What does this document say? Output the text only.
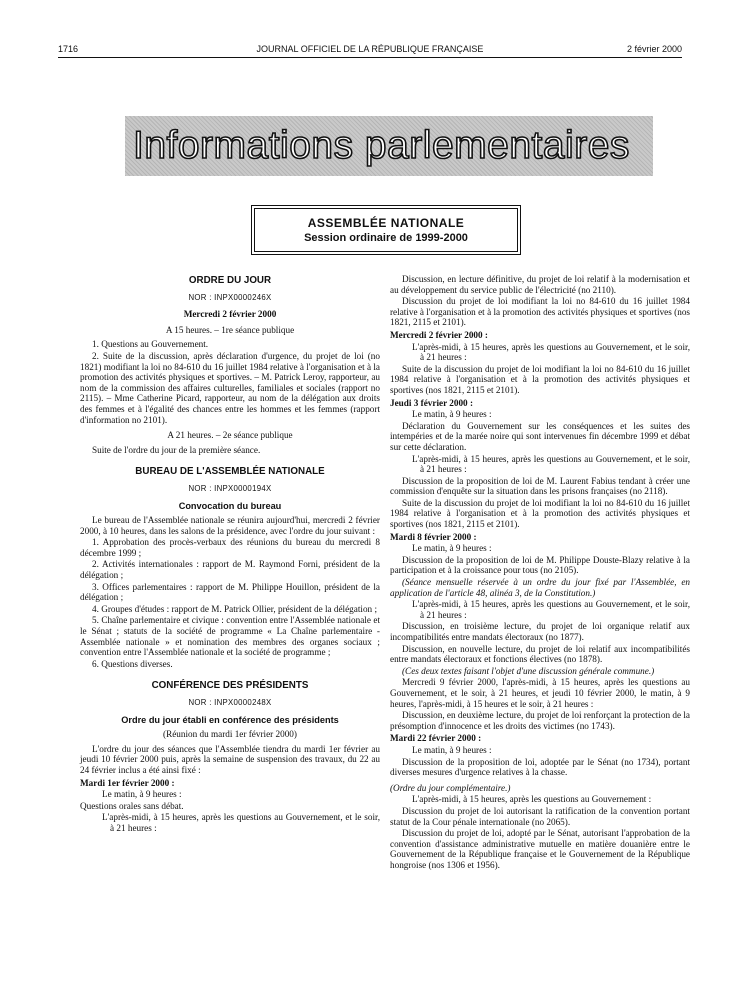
1716	JOURNAL OFFICIEL DE LA RÉPUBLIQUE FRANÇAISE	2 février 2000
Informations parlementaires
ASSEMBLÉE NATIONALE
Session ordinaire de 1999-2000

ORDRE DU JOUR

NOR : INPX0000246X

Mercredi 2 février 2000

A 15 heures. – 1re séance publique

1. Questions au Gouvernement.

2. Suite de la discussion, après déclaration d'urgence, du projet de loi (no 1821) modifiant la loi no 84-610 du 16 juillet 1984 relative à l'organisation et à la promotion des activités physiques et sportives. – M. Patrick Leroy, rapporteur, au nom de la commission des affaires culturelles, familiales et sociales (rapport no 2115). – Mme Catherine Picard, rapporteur, au nom de la délégation aux droits des femmes et à l'égalité des chances entre les hommes et les femmes (rapport d'information no 2101).

A 21 heures. – 2e séance publique

Suite de l'ordre du jour de la première séance.

BUREAU DE L'ASSEMBLÉE NATIONALE

NOR : INPX0000194X

Convocation du bureau

Le bureau de l'Assemblée nationale se réunira aujourd'hui, mercredi 2 février 2000, à 10 heures, dans les salons de la présidence, avec l'ordre du jour suivant :

1. Approbation des procès-verbaux des réunions du bureau du mercredi 8 décembre 1999 ;

2. Activités internationales : rapport de M. Raymond Forni, président de la délégation ;

3. Offices parlementaires : rapport de M. Philippe Houillon, président de la délégation ;

4. Groupes d'études : rapport de M. Patrick Ollier, président de la délégation ;

5. Chaîne parlementaire et civique : convention entre l'Assemblée nationale et le Sénat ; statuts de la société de programme « La Chaîne parlementaire - Assemblée nationale » et nomination des membres des organes sociaux ; convention entre l'Assemblée nationale et la société de programme ;

6. Questions diverses.

CONFÉRENCE DES PRÉSIDENTS

NOR : INPX0000248X

Ordre du jour établi en conférence des présidents

(Réunion du mardi 1er février 2000)

L'ordre du jour des séances que l'Assemblée tiendra du mardi 1er février au jeudi 10 février 2000 puis, après la semaine de suspension des travaux, du 22 au 24 février inclus a été ainsi fixé :

Mardi 1er février 2000 :

Le matin, à 9 heures :

Questions orales sans débat.

L'après-midi, à 15 heures, après les questions au Gouvernement, et le soir, à 21 heures :

Discussion, en lecture définitive, du projet de loi relatif à la modernisation et au développement du service public de l'électricité (no 2110).

Discussion du projet de loi modifiant la loi no 84-610 du 16 juillet 1984 relative à l'organisation et à la promotion des activités physiques et sportives (nos 1821, 2115 et 2101).

Mercredi 2 février 2000 :

L'après-midi, à 15 heures, après les questions au Gouvernement, et le soir, à 21 heures :

Suite de la discussion du projet de loi modifiant la loi no 84-610 du 16 juillet 1984 relative à l'organisation et à la promotion des activités physiques et sportives (nos 1821, 2115 et 2101).

Jeudi 3 février 2000 :

Le matin, à 9 heures :

Déclaration du Gouvernement sur les conséquences et les suites des intempéries et de la marée noire qui sont intervenues fin décembre 1999 et débat sur cette déclaration.

L'après-midi, à 15 heures, après les questions au Gouvernement, et le soir, à 21 heures :

Discussion de la proposition de loi de M. Laurent Fabius tendant à créer une commission d'enquête sur la situation dans les prisons françaises (no 2118).

Suite de la discussion du projet de loi modifiant la loi no 84-610 du 16 juillet 1984 relative à l'organisation et à la promotion des activités physiques et sportives (nos 1821, 2115 et 2101).

Mardi 8 février 2000 :

Le matin, à 9 heures :

Discussion de la proposition de loi de M. Philippe Douste-Blazy relative à la participation et à la croissance pour tous (no 2105).

(Séance mensuelle réservée à un ordre du jour fixé par l'Assemblée, en application de l'article 48, alinéa 3, de la Constitution.)

L'après-midi, à 15 heures, après les questions au Gouvernement, et le soir, à 21 heures :

Discussion, en troisième lecture, du projet de loi organique relatif aux incompatibilités entre mandats électoraux (no 1877).

Discussion, en nouvelle lecture, du projet de loi relatif aux incompatibilités entre mandats électoraux et fonctions électives (no 1878).

(Ces deux textes faisant l'objet d'une discussion générale commune.)

Mercredi 9 février 2000, l'après-midi, à 15 heures, après les questions au Gouvernement, et le soir, à 21 heures, et jeudi 10 février 2000, le matin, à 9 heures, l'après-midi, à 15 heures et le soir, à 21 heures :

Discussion, en deuxième lecture, du projet de loi renforçant la protection de la présomption d'innocence et les droits des victimes (no 1743).

Mardi 22 février 2000 :

Le matin, à 9 heures :

Discussion de la proposition de loi, adoptée par le Sénat (no 1734), portant diverses mesures d'urgence relatives à la chasse.

(Ordre du jour complémentaire.)

L'après-midi, à 15 heures, après les questions au Gouvernement :

Discussion du projet de loi autorisant la ratification de la convention portant statut de la Cour pénale internationale (no 2065).

Discussion du projet de loi, adopté par le Sénat, autorisant l'approbation de la convention d'assistance administrative mutuelle en matière douanière entre le Gouvernement de la République française et le Gouvernement de la République hongroise (nos 1306 et 1956).
